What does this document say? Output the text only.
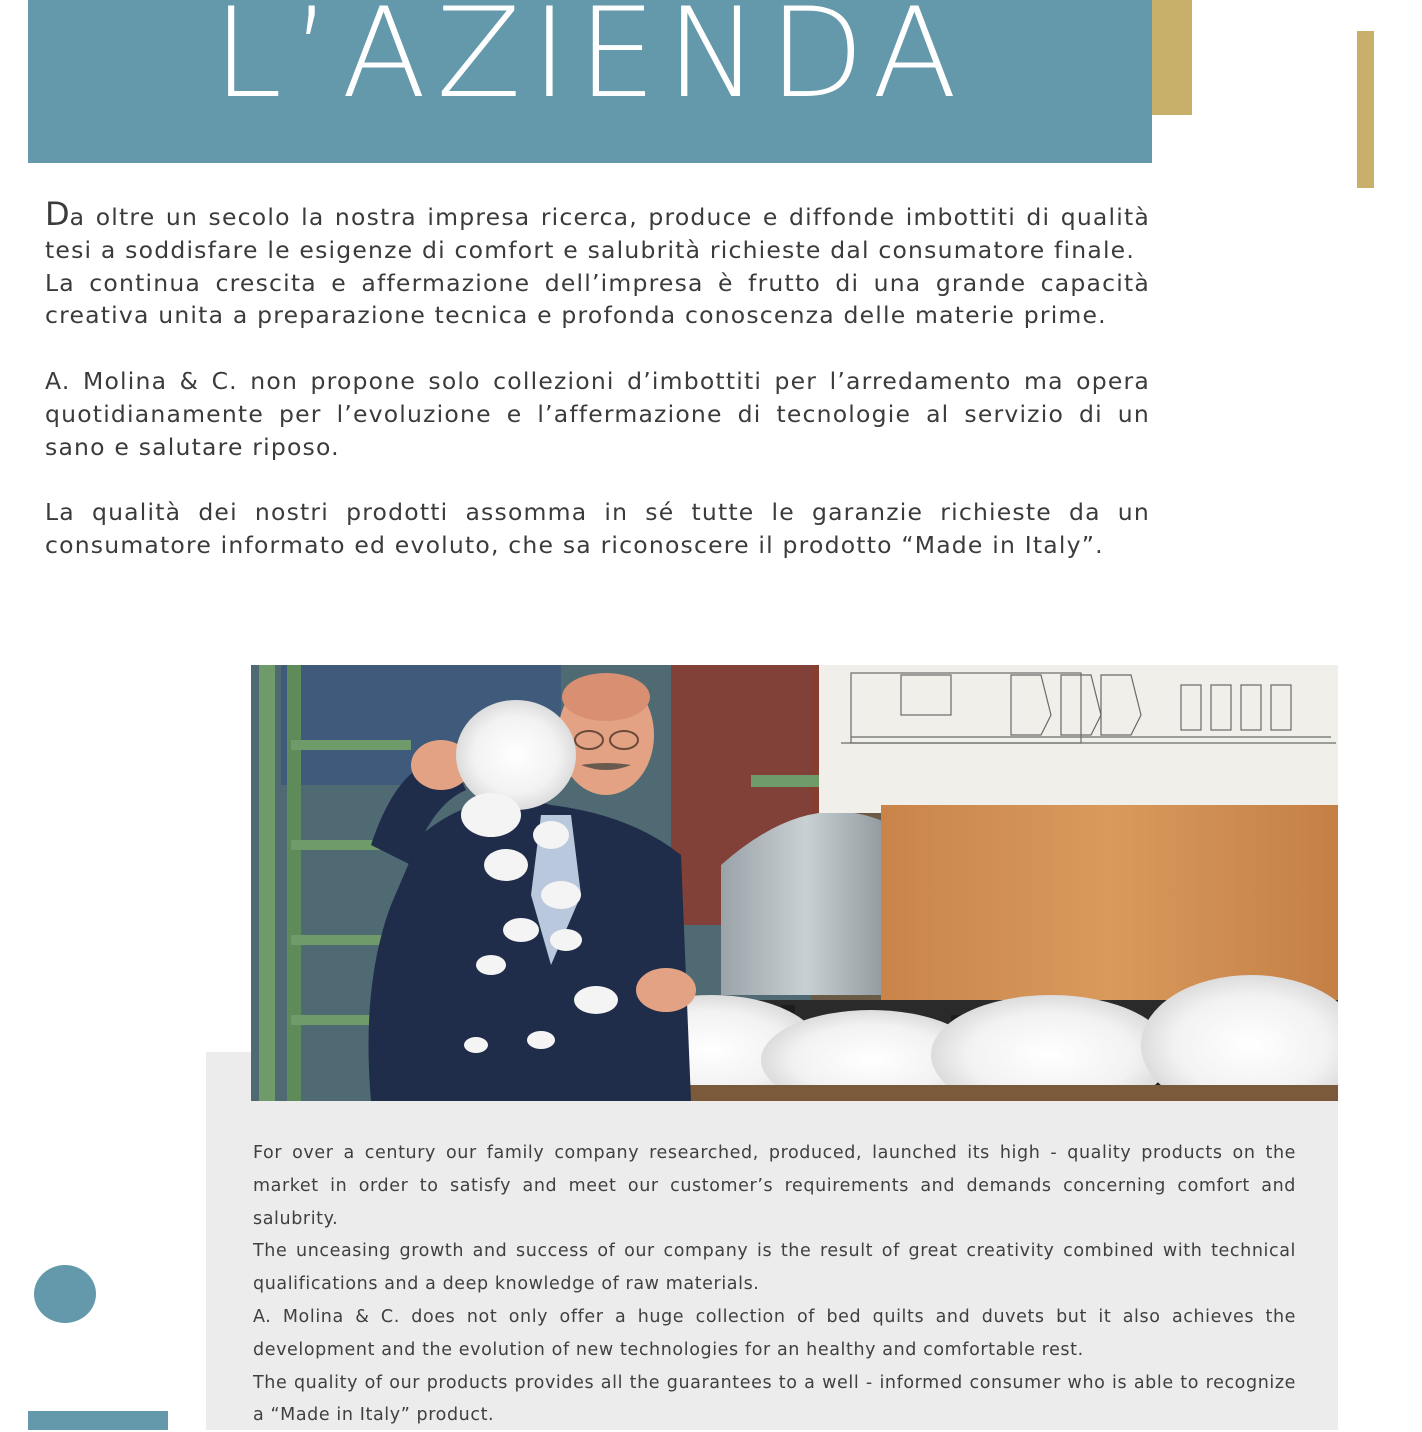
L’AZIENDA

Da oltre un secolo la nostra impresa ricerca, produce e diffonde imbottiti di qualità tesi a soddisfare le esigenze di comfort e salubrità richieste dal consumatore finale.

La continua crescita e affermazione dell’impresa è frutto di una grande capacità creativa unita a preparazione tecnica e profonda conoscenza delle materie prime.

A. Molina & C. non propone solo collezioni d’imbottiti per l’arredamento ma opera quotidianamente per l’evoluzione e l’affermazione di tecnologie al servizio di un sano e salutare riposo.

La qualità dei nostri prodotti assomma in sé tutte le garanzie richieste da un consumatore informato ed evoluto, che sa riconoscere il prodotto “Made in Italy”.

For over a century our family company researched, produced, launched its high - quality products on the market in order to satisfy and meet our customer’s requirements and demands concerning comfort and salubrity.

The unceasing growth and success of our company is the result of great creativity combined with technical qualifications and a deep knowledge of raw materials.

A. Molina & C. does not only offer a huge collection of bed quilts and duvets but it also achieves the development and the evolution of new technologies for an healthy and comfortable rest.

The quality of our products provides all the guarantees to a well - informed consumer who is able to recognize a “Made in Italy” product.
